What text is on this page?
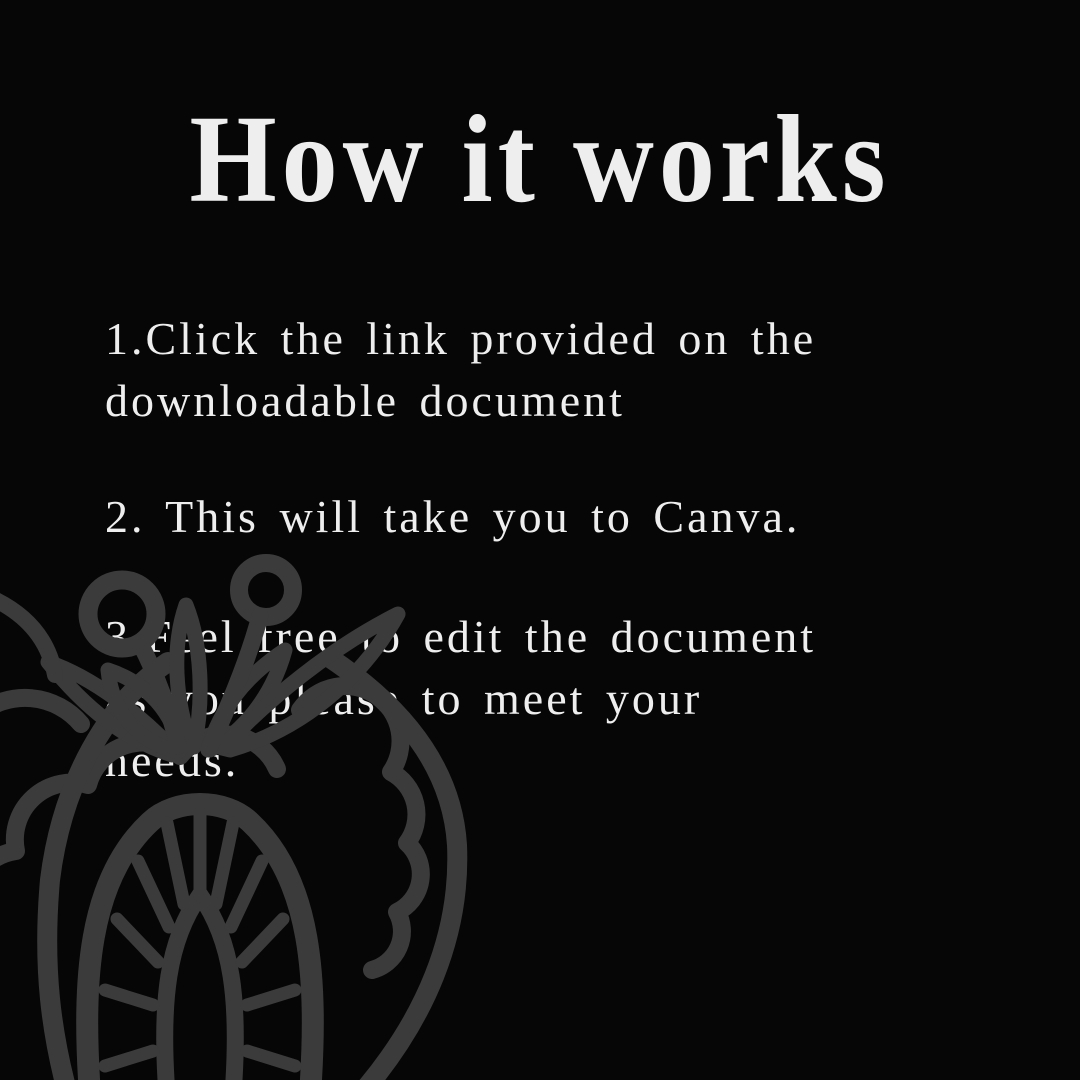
How it works
1.Click the link provided on the
downloadable document
2. This will take you to Canva.
3.Feel free to edit the document
as you please to meet your
needs.
